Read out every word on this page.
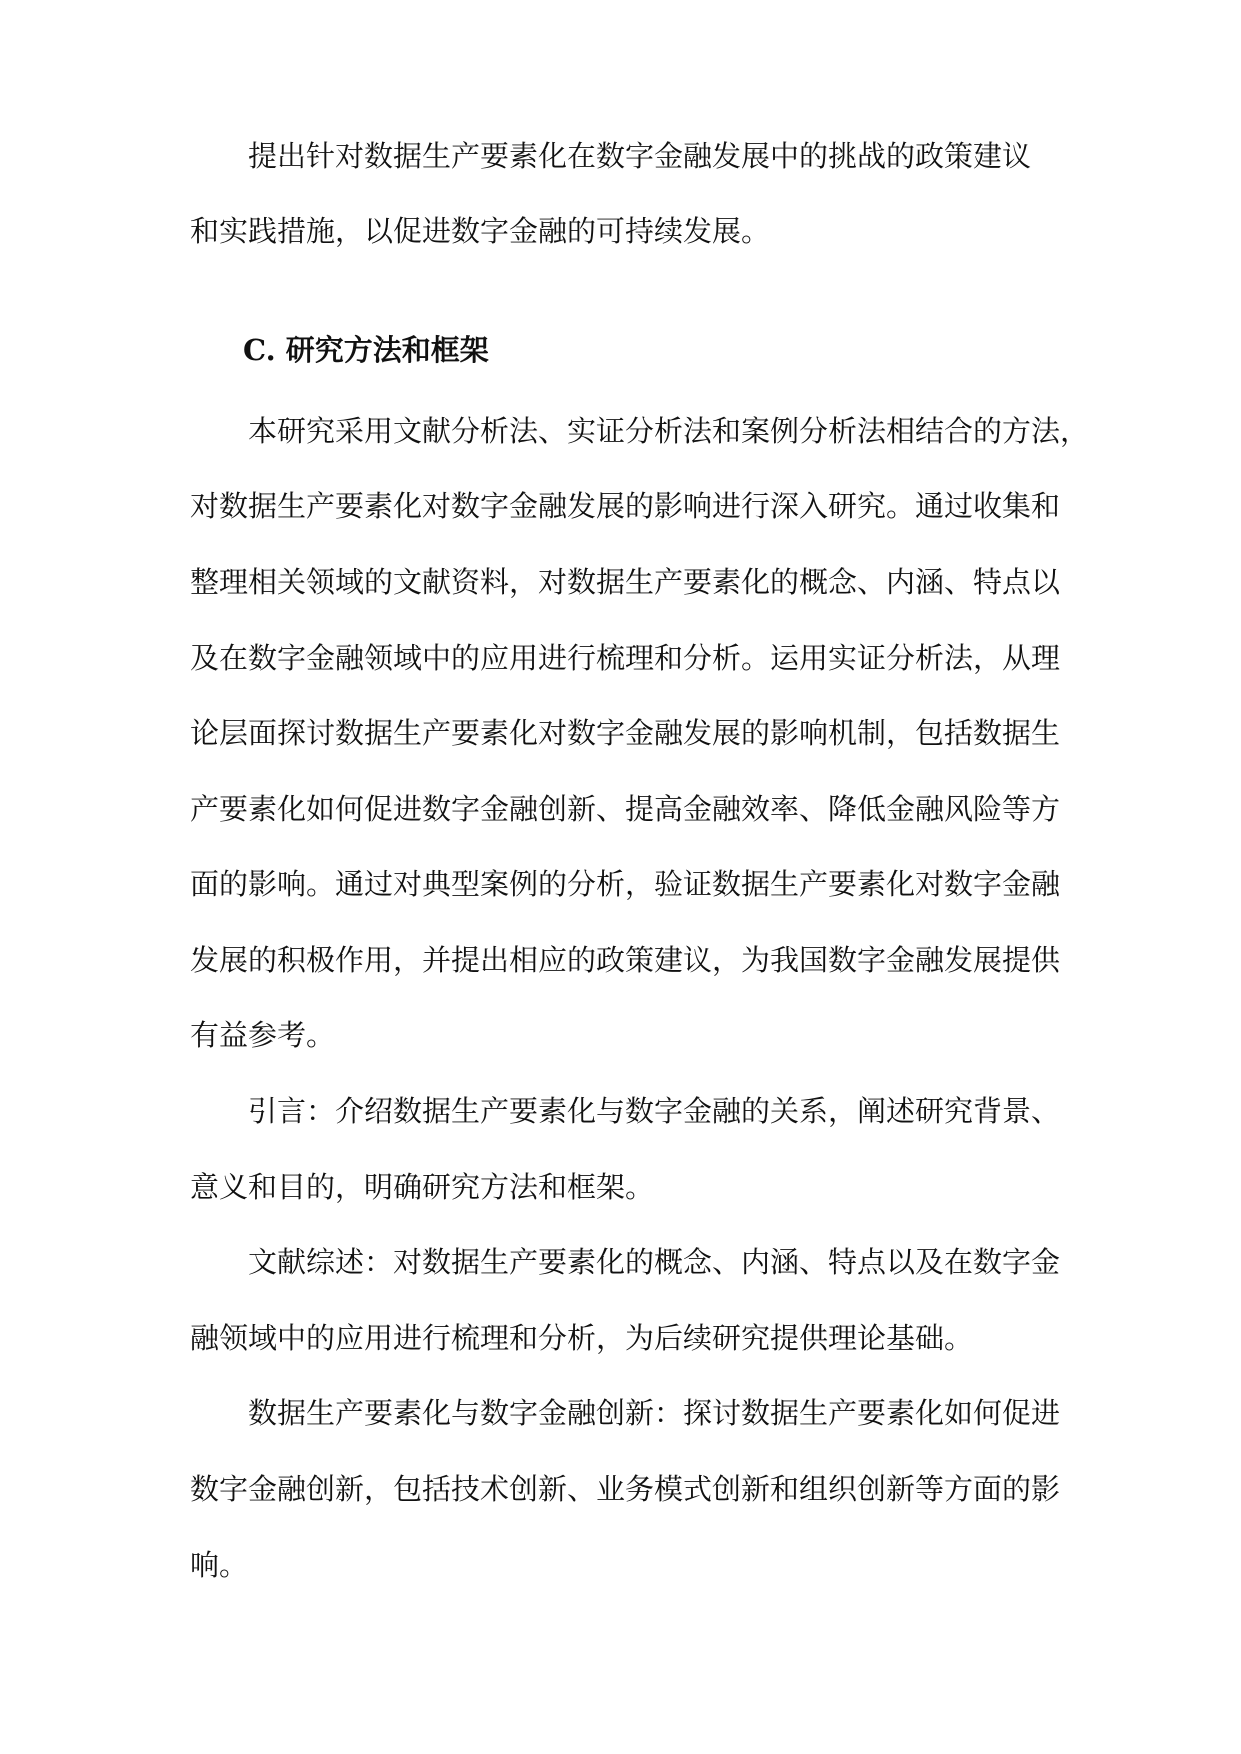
提出针对数据生产要素化在数字金融发展中的挑战的政策建议
和实践措施，以促进数字金融的可持续发展。
C. 研究方法和框架
本研究采用文献分析法、实证分析法和案例分析法相结合的方法，
对数据生产要素化对数字金融发展的影响进行深入研究。通过收集和
整理相关领域的文献资料，对数据生产要素化的概念、内涵、特点以
及在数字金融领域中的应用进行梳理和分析。运用实证分析法，从理
论层面探讨数据生产要素化对数字金融发展的影响机制，包括数据生
产要素化如何促进数字金融创新、提高金融效率、降低金融风险等方
面的影响。通过对典型案例的分析，验证数据生产要素化对数字金融
发展的积极作用，并提出相应的政策建议，为我国数字金融发展提供
有益参考。
引言：介绍数据生产要素化与数字金融的关系，阐述研究背景、
意义和目的，明确研究方法和框架。
文献综述：对数据生产要素化的概念、内涵、特点以及在数字金
融领域中的应用进行梳理和分析，为后续研究提供理论基础。
数据生产要素化与数字金融创新：探讨数据生产要素化如何促进
数字金融创新，包括技术创新、业务模式创新和组织创新等方面的影
响。
